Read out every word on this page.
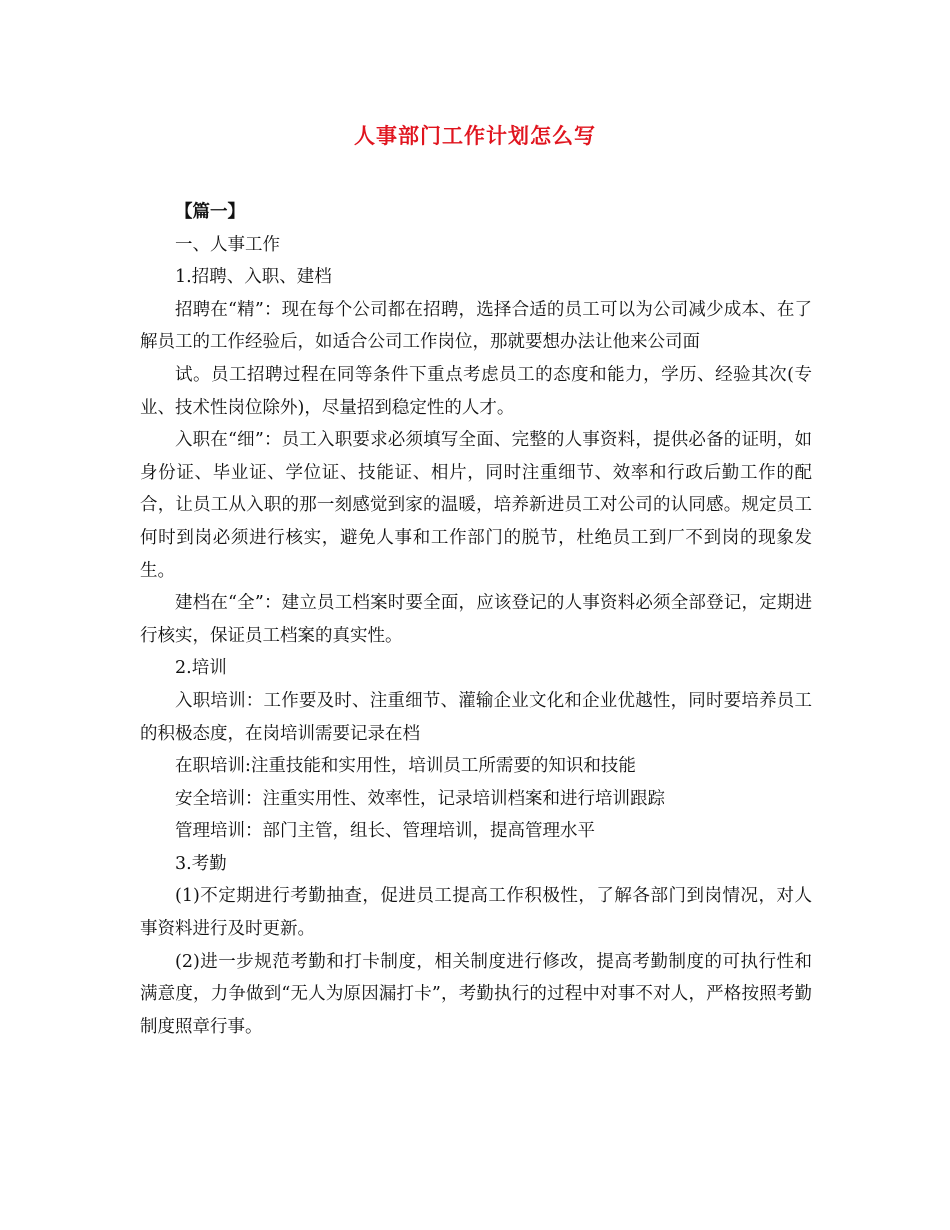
人事部门工作计划怎么写

【篇一】

一、人事工作

1.招聘、入职、建档

招聘在“精”：现在每个公司都在招聘，选择合适的员工可以为公司减少成本、在了解员工的工作经验后，如适合公司工作岗位，那就要想办法让他来公司面

试。员工招聘过程在同等条件下重点考虑员工的态度和能力，学历、经验其次(专业、技术性岗位除外)，尽量招到稳定性的人才。

入职在“细”：员工入职要求必须填写全面、完整的人事资料，提供必备的证明，如身份证、毕业证、学位证、技能证、相片，同时注重细节、效率和行政后勤工作的配合，让员工从入职的那一刻感觉到家的温暖，培养新进员工对公司的认同感。规定员工何时到岗必须进行核实，避免人事和工作部门的脱节，杜绝员工到厂不到岗的现象发生。

建档在“全”：建立员工档案时要全面，应该登记的人事资料必须全部登记，定期进行核实，保证员工档案的真实性。

2.培训

入职培训：工作要及时、注重细节、灌输企业文化和企业优越性，同时要培养员工的积极态度，在岗培训需要记录在档

在职培训:注重技能和实用性，培训员工所需要的知识和技能

安全培训：注重实用性、效率性，记录培训档案和进行培训跟踪

管理培训：部门主管，组长、管理培训，提高管理水平

3.考勤

(1)不定期进行考勤抽查，促进员工提高工作积极性，了解各部门到岗情况，对人事资料进行及时更新。

(2)进一步规范考勤和打卡制度，相关制度进行修改，提高考勤制度的可执行性和满意度，力争做到“无人为原因漏打卡”，考勤执行的过程中对事不对人，严格按照考勤制度照章行事。
